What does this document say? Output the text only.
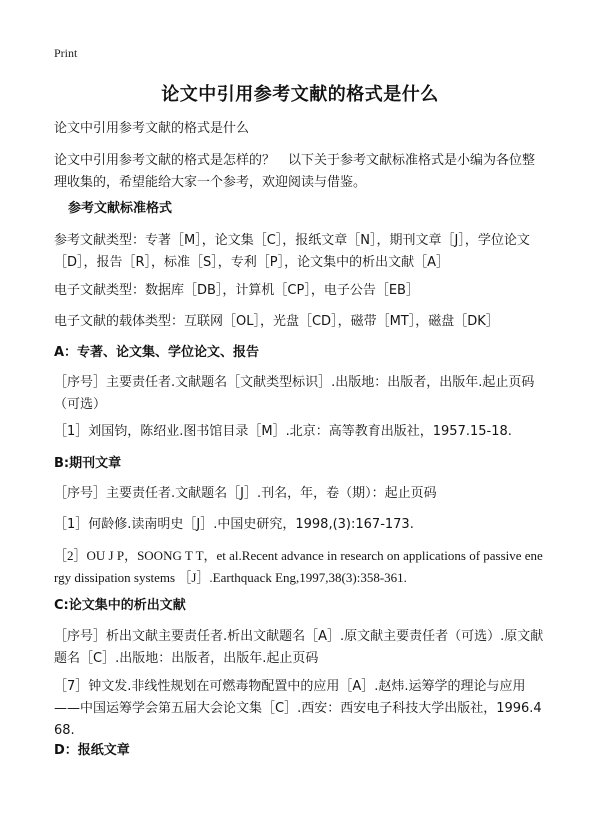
Print
论文中引用参考文献的格式是什么
论文中引用参考文献的格式是什么
论文中引用参考文献的格式是怎样的？　以下关于参考文献标准格式是小编为各位整理收集的，希望能给大家一个参考，欢迎阅读与借鉴。
参考文献标准格式
参考文献类型：专著［M］，论文集［C］，报纸文章［N］，期刊文章［J］，学位论文［D］，报告［R］，标准［S］，专利［P］，论文集中的析出文献［A］
电子文献类型：数据库［DB］，计算机［CP］，电子公告［EB］
电子文献的载体类型：互联网［OL］，光盘［CD］，磁带［MT］，磁盘［DK］
A：专著、论文集、学位论文、报告
［序号］主要责任者.文献题名［文献类型标识］.出版地：出版者，出版年.起止页码（可选）
［1］刘国钧，陈绍业.图书馆目录［M］.北京：高等教育出版社，1957.15-18.
B:期刊文章
［序号］主要责任者.文献题名［J］.刊名，年，卷（期）：起止页码
［1］何龄修.读南明史［J］.中国史研究，1998,(3):167-173.
［2］OU J P，SOONG T T，et al.Recent advance in research on applications of passive energy dissipation systems ［J］.Earthquack Eng,1997,38(3):358-361.
C:论文集中的析出文献
［序号］析出文献主要责任者.析出文献题名［A］.原文献主要责任者（可选）.原文献题名［C］.出版地：出版者，出版年.起止页码
［7］钟文发.非线性规划在可燃毒物配置中的应用［A］.赵炜.运筹学的理论与应用——中国运筹学会第五届大会论文集［C］.西安：西安电子科技大学出版社，1996.468.
D：报纸文章
